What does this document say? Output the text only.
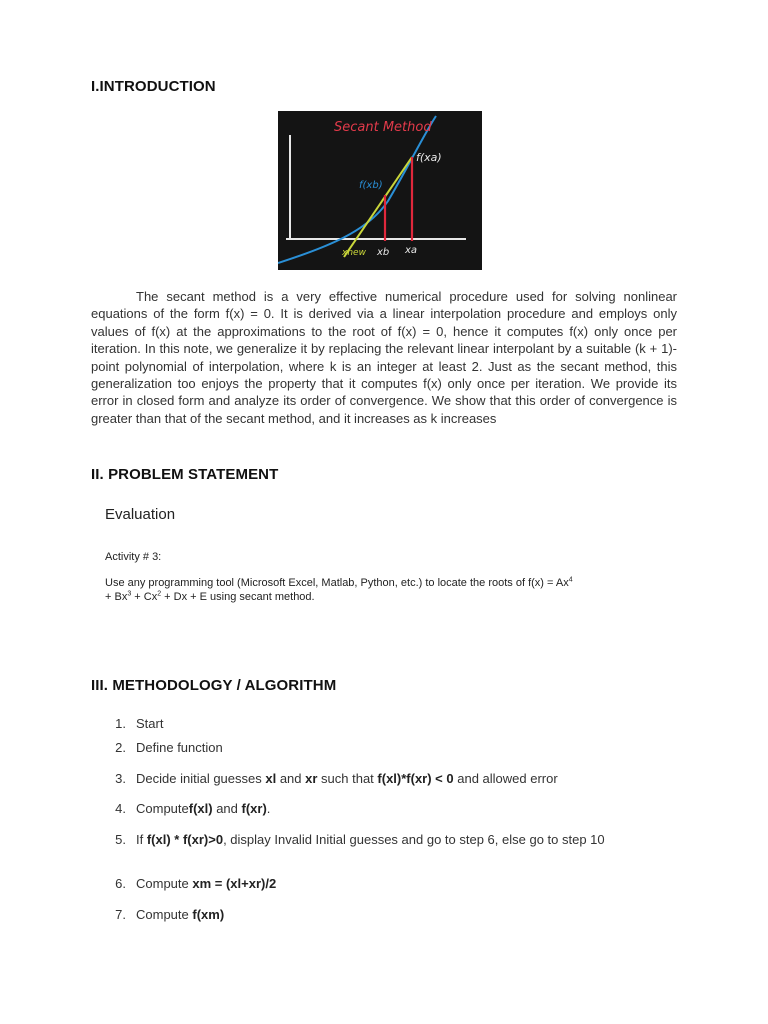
I.INTRODUCTION
Secant Method
f(xa)
f(xb)
xnew xb xa

The secant method is a very effective numerical procedure used for solving nonlinear equations of the form f(x) = 0. It is derived via a linear interpolation procedure and employs only values of f(x) at the approximations to the root of f(x) = 0, hence it computes f(x) only once per iteration. In this note, we generalize it by replacing the relevant linear interpolant by a suitable (k + 1)- point polynomial of interpolation, where k is an integer at least 2. Just as the secant method, this generalization too enjoys the property that it computes f(x) only once per iteration. We provide its error in closed form and analyze its order of convergence. We show that this order of convergence is greater than that of the secant method, and it increases as k increases

II. PROBLEM STATEMENT

Evaluation

Activity # 3:

Use any programming tool (Microsoft Excel, Matlab, Python, etc.) to locate the roots of $f(x) = Ax^4$
+ $Bx^3 + Cx^2 + Dx + E$ using secant method.

III. METHODOLOGY / ALGORITHM
1. Start
2. Define function
3. Decide initial guesses xl and xr such that f(xl)*f(xr) < 0 and allowed error
4. Computef(xl) and f(xr).
5. If f(xl) * f(xr)>0, display Invalid Initial guesses and go to step 6, else go to step 10
6. Compute xm = (xl+xr)/2
7. Compute f(xm)
